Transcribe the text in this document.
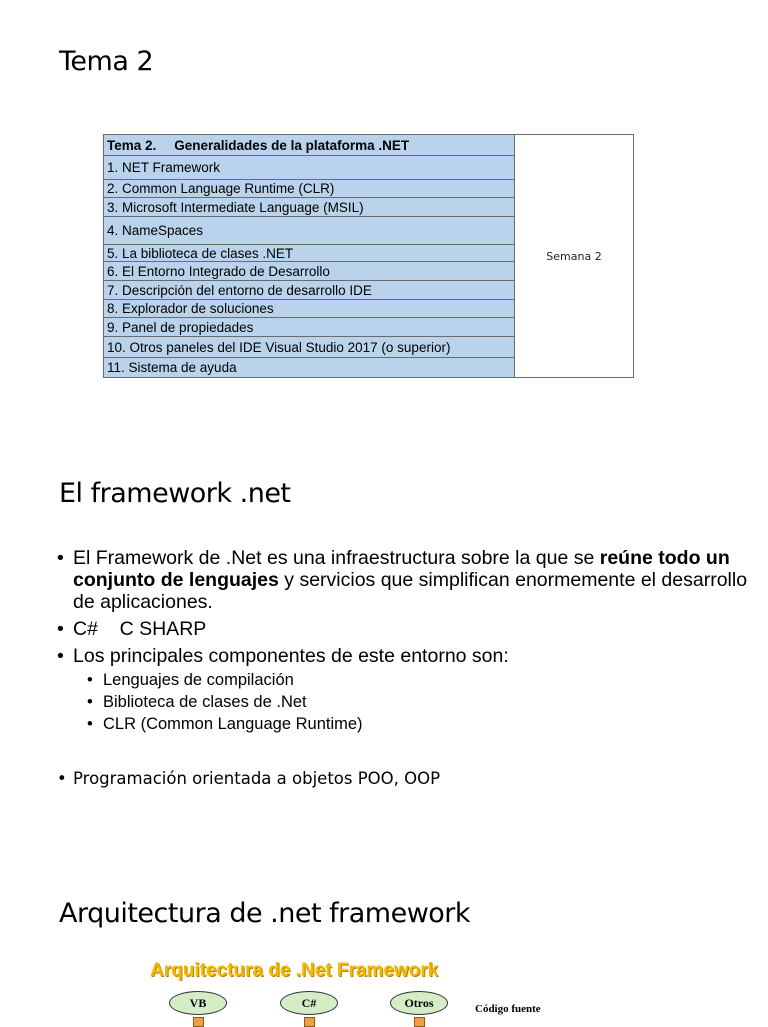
Tema 2
Tema 2. Generalidades de la plataforma .NET	Semana 2
1. NET Framework
2. Common Language Runtime (CLR)
3. Microsoft Intermediate Language (MSIL)
4. NameSpaces
5. La biblioteca de clases .NET
6. El Entorno Integrado de Desarrollo
7. Descripción del entorno de desarrollo IDE
8. Explorador de soluciones
9. Panel de propiedades
10. Otros paneles del IDE Visual Studio 2017 (o superior)
11. Sistema de ayuda
El framework .net

• El Framework de .Net es una infraestructura sobre la que se reúne todo un conjunto de lenguajes y servicios que simplifican enormemente el desarrollo de aplicaciones.

• C#    C SHARP

• Los principales componentes de este entorno son:

• Lenguajes de compilación

• Biblioteca de clases de .Net

• CLR (Common Language Runtime)

• Programación orientada a objetos POO, OOP

Arquitectura de .net framework

Arquitectura de .Net Framework

VB	C#	Otros	Código fuente
